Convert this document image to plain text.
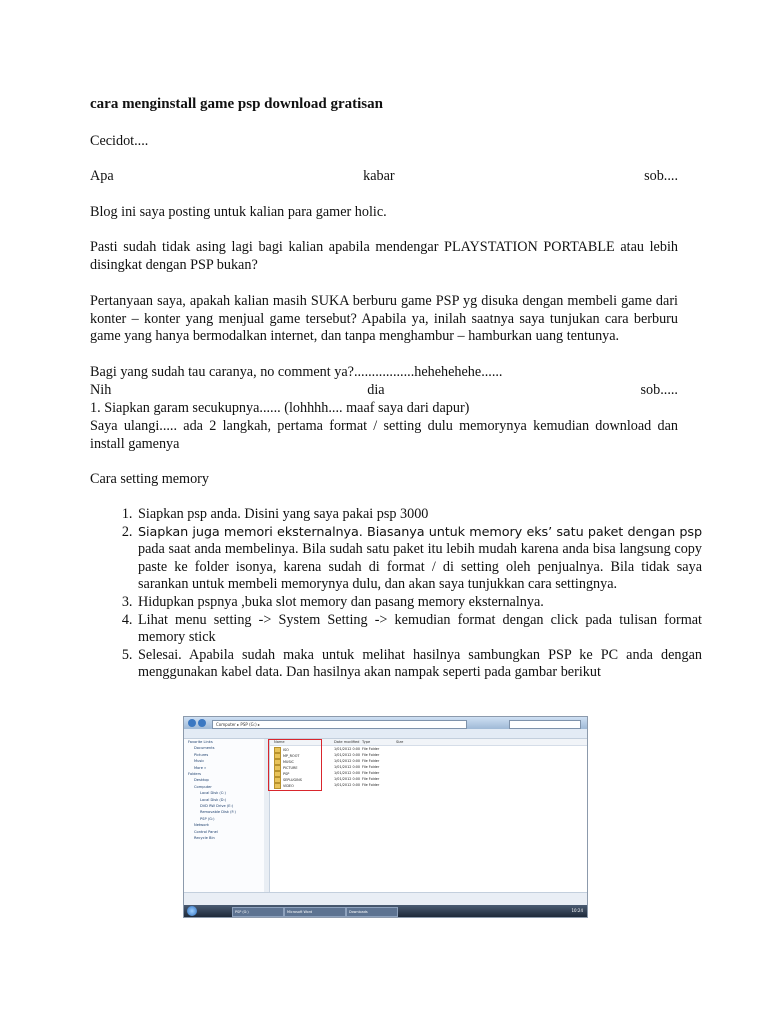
cara menginstall game psp download gratisan

Cecidot....

Apa	kabar	sob....

Blog ini saya posting untuk kalian para gamer holic.

Pasti sudah tidak asing lagi bagi kalian apabila mendengar PLAYSTATION PORTABLE atau lebih disingkat dengan PSP bukan?

Pertanyaan saya, apakah kalian masih SUKA berburu game PSP yg disuka dengan membeli game dari konter – konter yang menjual game tersebut? Apabila ya, inilah saatnya saya tunjukan cara berburu game yang hanya bermodalkan internet, dan tanpa menghambur – hamburkan uang tentunya.

Bagi yang sudah tau caranya, no comment ya?.................hehehehehe......

Nih	dia	sob.....

1. Siapkan garam secukupnya...... (lohhhh.... maaf saya dari dapur)

Saya ulangi..... ada 2 langkah, pertama format / setting dulu memorynya kemudian download dan install gamenya

Cara setting memory

1. Siapkan psp anda. Disini yang saya pakai psp 3000
2. Siapkan juga memori eksternalnya. Biasanya untuk memory eks’ satu paket dengan psp pada saat anda membelinya. Bila sudah satu paket itu lebih mudah karena anda bisa langsung copy paste ke folder isonya, karena sudah di format / di setting oleh penjualnya. Bila tidak saya sarankan untuk membeli memorynya dulu, dan akan saya tunjukkan cara settingnya.
3. Hidupkan pspnya ,buka slot memory dan pasang memory eksternalnya.
4. Lihat menu setting -> System Setting -> kemudian format dengan click pada tulisan format memory stick
5. Selesai. Apabila sudah maka untuk melihat hasilnya sambungkan PSP ke PC anda dengan menggunakan kabel data. Dan hasilnya akan nampak seperti pada gambar berikut
Computer ▸ PSP (G:) ▸
Favorite Links
Documents
Pictures
Music
More »
Folders
Desktop
Computer
Local Disk (C:)
Local Disk (D:)
DVD RW Drive (E:)
Removable Disk (F:)
PSP (G:)
Network
Control Panel
Recycle Bin
Name	Date modified Type	Size
ISO	1/01/2012 0:00 File Folder
MP_ROOT	1/01/2012 0:00 File Folder
MUSIC	1/01/2012 0:00 File Folder
PICTURE	1/01/2012 0:00 File Folder
PSP	1/01/2012 0:00 File Folder
SEPLUGINS	1/01/2012 0:00 File Folder
VIDEO	1/01/2012 0:00 File Folder
PSP (G:)	Microsoft Word	Downloads	10:24
